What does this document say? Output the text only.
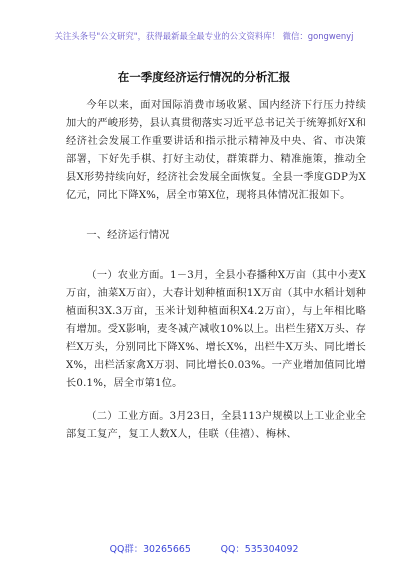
关注头条号"公文研究"，获得最新最全最专业的公文资料库！ 微信：gongwenyj
在一季度经济运行情况的分析汇报

今年以来，面对国际消费市场收紧、国内经济下行压力持续加大的严峻形势，县认真贯彻落实习近平总书记关于统筹抓好X和经济社会发展工作重要讲话和指示批示精神及中央、省、市决策部署，下好先手棋、打好主动仗，群策群力、精准施策，推动全县X形势持续向好，经济社会发展全面恢复。全县一季度GDP为X亿元，同比下降X%，居全市第X位，现将具体情况汇报如下。

一、经济运行情况

（一）农业方面。1－3月，全县小春播种X万亩（其中小麦X万亩，油菜X万亩），大春计划种植面积1X万亩（其中水稻计划种植面积3X.3万亩，玉米计划种植面积X4.2万亩），与上年相比略有增加。受X影响，麦冬减产减收10%以上。出栏生猪X万头、存栏X万头，分别同比下降X%、增长X%，出栏牛X万头、同比增长X%，出栏活家禽X万羽、同比增长0.03%。一产业增加值同比增长0.1%，居全市第1位。

（二）工业方面。3月23日，全县113户规模以上工业企业全部复工复产，复工人数X人，佳联（佳禧）、梅林、

QQ群：30265665	QQ：535304092
